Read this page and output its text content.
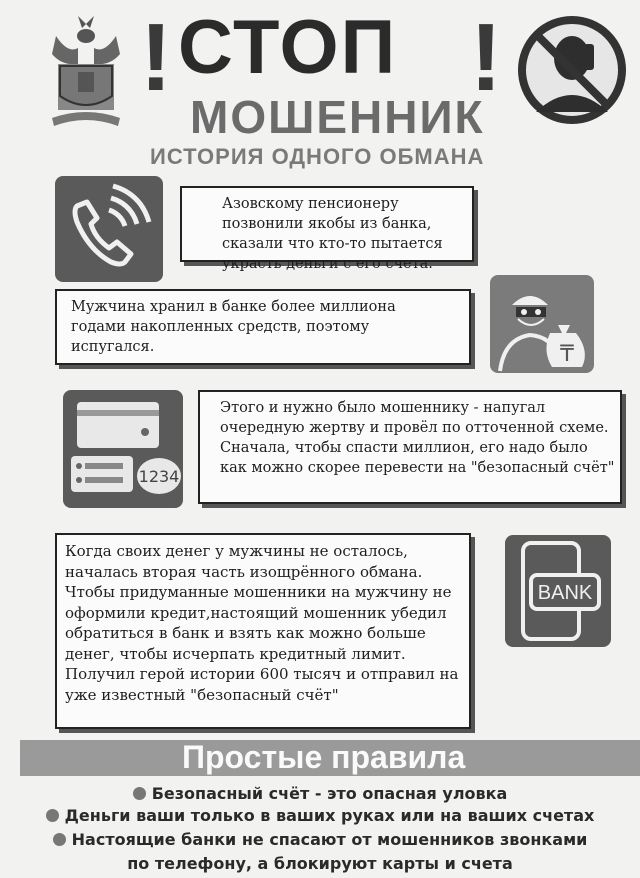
! СТОП !
МОШЕННИК
ИСТОРИЯ ОДНОГО ОБМАНА
Азовскому пенсионеру позвонили якобы из банка, сказали что кто-то пытается украсть деньги с его счета.
Мужчина хранил в банке более миллиона годами накопленных средств, поэтому испугался.	₸
1234
Этого и нужно было мошеннику - напугал очередную жертву и провёл по отточенной схеме. Сначала, чтобы спасти миллион, его надо было как можно скорее перевести на "безопасный счёт"
Когда своих денег у мужчины не осталось, началась вторая часть изощрённого обмана. Чтобы придуманные мошенники на мужчину не оформили кредит,настоящий мошенник убедил обратиться в банк и взять как можно больше денег, чтобы исчерпать кредитный лимит. Получил герой истории 600 тысяч и отправил на уже известный "безопасный счёт"
BANK
Простые правила
Безопасный счёт - это опасная уловка
Деньги ваши только в ваших руках или на ваших счетах
Настоящие банки не спасают от мошенников звонками
по телефону, а блокируют карты и счета
